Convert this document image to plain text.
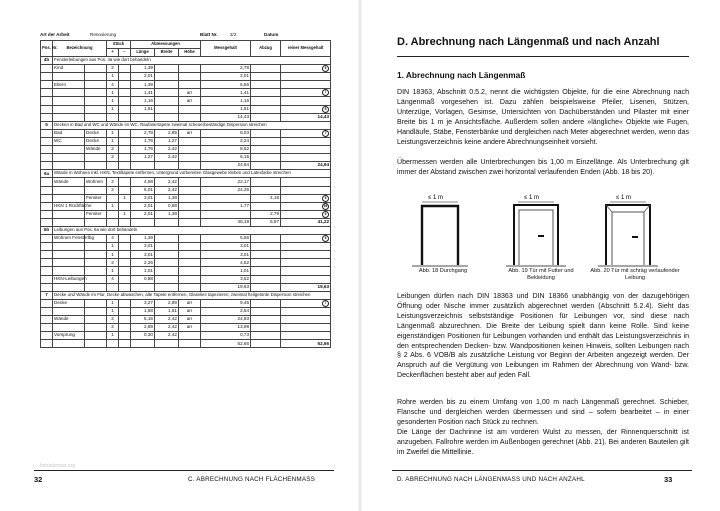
Art der Arbeit	Renovierung	Blatt Nr.	2/2	Datum
Pos. Nr.	Bezeichnung		Stück		Abmessungen			Messgehalt	Abzug	reiner Messgehalt
			+	−	Länge	Breite	Höhe			
4b	Fensterleibungen aus Pos. 4a wie dort behandeln									
	Kind		2		1,39			2,78		6
			1		2,01			2,01		
	Eltern		4		1,39			5,56		
			1		1,41		arr	1,41		7
			1		1,16		arr	1,16		
			1		1,51			1,51		8
								14,43		14,43
5	Decken in Bad und WC und Wände im WC. Raufasertapete zweimal scheuerbeständige Dispersion streichen									
	Bad	Decke	1		2,78	2,89	arr	8,03		7
	WC	Decke	1		1,76	1,27		2,24		
		Wände	2		1,76	2,42		8,52		
			2		1,27	2,42		6,15		
								24,94		24,94
6a	Wände in Wohnen inkl. HKN, Textiltapete entfernen, Untergrund vorbereiten Glasgewebe kleben und Latexfarbe streichen									
	Wände	Wohnen	2		4,58	2,42		22,17		
			2		5,01	2,42		24,25		
		Fenster		1	3,01	1,39			4,18	6
	HKN 1 Rückfläche		1		2,01	0,88		1,77		89
		Fenster		1	2,01	1,39			2,79	6
								48,19	6,97	41,22
6b	Leibungen aus Pos. 6a wie dort behandeln									
	Wohnen Fensterlbg		4		1,39			5,56		6
			1		3,01			3,01		
			1		3,01			3,01		
			2		2,26			4,52		
			1		1,01			1,01		
	HKN-Leibungen		4		0,88			3,52		
								19,63		19,63
7	Decke und Wände im Flur, Decke abwaschen, alte Tapete entfernen, Glasvlies tapezieren, zweimal heilgetönte Dispersion streichen									
	Decke		1		3,27	2,89	arr	9,45		7
			1		1,68	1,51	arr	2,54		
	Wände		2		5,15	2,42	arr	24,93		
			2		2,89	2,42	arr	13,99		
	Vorsprung		1		0,30	2,42		0,73		
								52,66		52,66
fotoartemas.org
32	C. ABRECHNUNG NACH FLÄCHENMASS
D. Abrechnung nach Längenmaß und nach Anzahl
1. Abrechnung nach Längenmaß
DIN 18363, Abschnitt 0.5.2, nennt die wichtigsten Objekte, für die eine Abrechnung nach Längenmaß vorgesehen ist. Dazu zählen beispielsweise Pfeiler, Lisenen, Stützen, Unterzüge, Vorlagen, Gesimse, Untersichten von Dachüberständen und Pilaster mit einer Breite bis 1 m je Ansichtsfläche. Außerdem sollen andere »längliche« Objekte wie Fugen, Handläufe, Stäbe, Fensterbänke und dergleichen nach Meter abgerechnet werden, wenn das Leistungsverzeichnis keine andere Abrechnungseinheit vorsieht.
Übermessen werden alle Unterbrechungen bis 1,00 m Einzellänge. Als Unterbrechung gilt immer der Abstand zwischen zwei horizontal verlaufenden Enden (Abb. 18 bis 20).
≤ 1 m
Abb. 18 Durchgang
≤ 1 m
Abb. 19 Tür mit Futter und Bekleidung
≤ 1 m
Abb. 20 Tür mit schräg verlaufender Leibung
Leibungen dürfen nach DIN 18363 und DIN 18366 unabhängig von der dazugehörigen Öffnung oder Nische immer zusätzlich abgerechnet werden (Abschnitt 5.2.4). Sieht das Leistungsverzeichnis selbstständige Positionen für Leibungen vor, sind diese nach Längenmaß abzurechnen. Die Breite der Leibung spielt dann keine Rolle. Sind keine eigenständigen Positionen für Leibungen vorhanden und enthält das Leistungsverzeichnis in den entsprechenden Decken- bzw. Wandpositionen keinen Hinweis, sollten Leibungen nach § 2 Abs. 6 VOB/B als zusätzliche Leistung vor Beginn der Arbeiten angezeigt werden. Der Anspruch auf die Vergütung von Leibungen im Rahmen der Abrechnung von Wand- bzw. Deckenflächen besteht aber auf jeden Fall.
Rohre werden bis zu einem Umfang von 1,00 m nach Längenmaß gerechnet. Schieber, Flansche und dergleichen werden übermessen und sind – sofern bearbeitet – in einer gesonderten Position nach Stück zu rechnen.
Die Länge der Dachrinne ist am vorderen Wulst zu messen, der Rinnenquerschnitt ist anzugeben. Fallrohre werden im Außenbogen gerechnet (Abb. 21). Bei anderen Bauteilen gilt im Zweifel die Mittellinie.
D. ABRECHNUNG NACH LÄNGENMASS UND NACH ANZAHL	33
